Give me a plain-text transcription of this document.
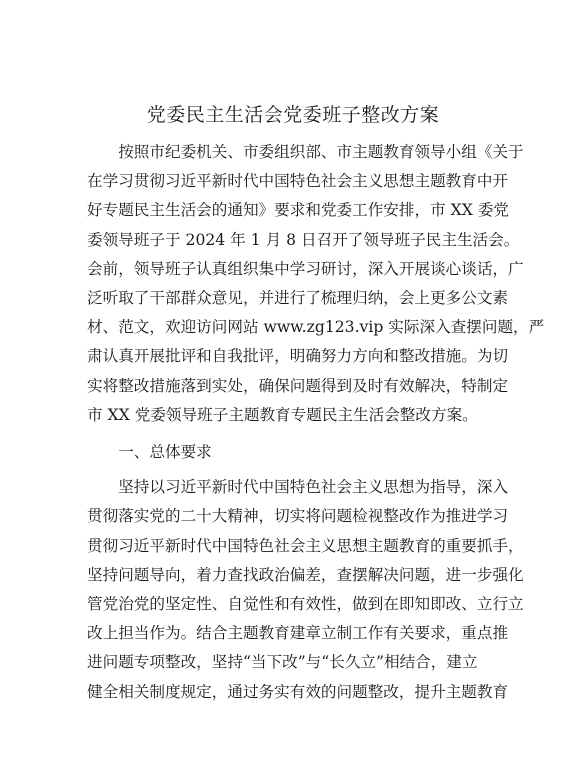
党委民主生活会党委班子整改方案
　　按照市纪委机关、市委组织部、市主题教育领导小组《关于
在学习贯彻习近平新时代中国特色社会主义思想主题教育中开
好专题民主生活会的通知》要求和党委工作安排，市 XX 委党
委领导班子于 2024 年 1 月 8 日召开了领导班子民主生活会。
会前，领导班子认真组织集中学习研讨，深入开展谈心谈话，广
泛听取了干部群众意见，并进行了梳理归纳，会上更多公文素
材、范文，欢迎访问网站 www.zg123.vip 实际深入查摆问题，严
肃认真开展批评和自我批评，明确努力方向和整改措施。为切
实将整改措施落到实处，确保问题得到及时有效解决，特制定
市 XX 党委领导班子主题教育专题民主生活会整改方案。
　　一、总体要求
　　坚持以习近平新时代中国特色社会主义思想为指导，深入
贯彻落实党的二十大精神，切实将问题检视整改作为推进学习
贯彻习近平新时代中国特色社会主义思想主题教育的重要抓手，
坚持问题导向，着力查找政治偏差，查摆解决问题，进一步强化
管党治党的坚定性、自觉性和有效性，做到在即知即改、立行立
改上担当作为。结合主题教育建章立制工作有关要求，重点推
进问题专项整改，坚持“当下改”与“长久立”相结合，建立
健全相关制度规定，通过务实有效的问题整改，提升主题教育
